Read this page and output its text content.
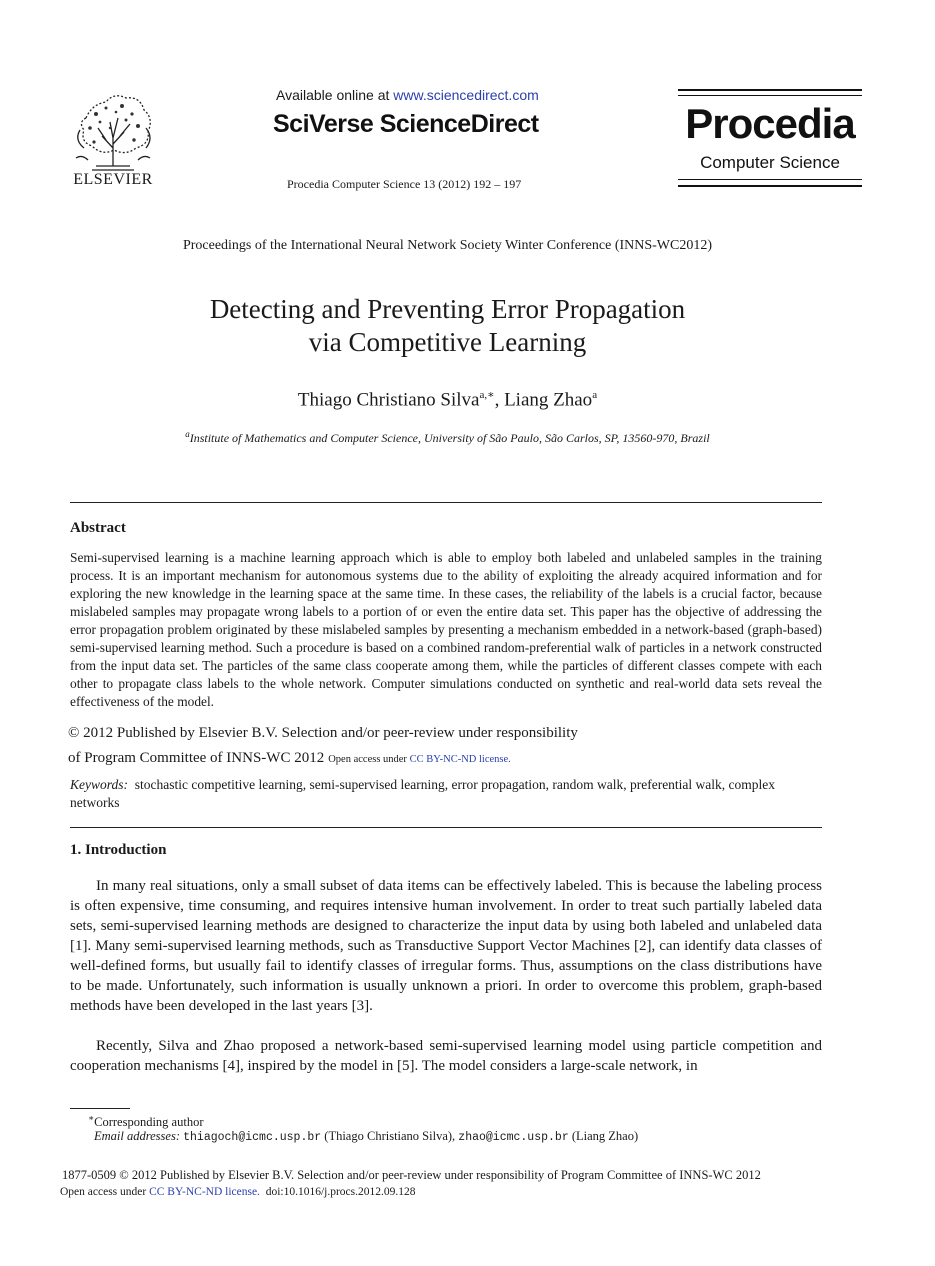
ELSEVIER
Available online at www.sciencedirect.com
SciVerse ScienceDirect
Procedia Computer Science 13 (2012) 192 – 197
Procedia
Computer Science
Proceedings of the International Neural Network Society Winter Conference (INNS-WC2012)
Detecting and Preventing Error Propagation
via Competitive Learning
Thiago Christiano Silva$^{a,∗}$, Liang Zhao$^a$
$^a$Institute of Mathematics and Computer Science, University of São Paulo, São Carlos, SP, 13560-970, Brazil
Abstract
Semi-supervised learning is a machine learning approach which is able to employ both labeled and unlabeled samples in the training process. It is an important mechanism for autonomous systems due to the ability of exploiting the already acquired information and for exploring the new knowledge in the learning space at the same time. In these cases, the reliability of the labels is a crucial factor, because mislabeled samples may propagate wrong labels to a portion of or even the entire data set. This paper has the objective of addressing the error propagation problem originated by these mislabeled samples by presenting a mechanism embedded in a network-based (graph-based) semi-supervised learning method. Such a procedure is based on a combined random-preferential walk of particles in a network constructed from the input data set. The particles of the same class cooperate among them, while the particles of different classes compete with each other to propagate class labels to the whole network. Computer simulations conducted on synthetic and real-world data sets reveal the effectiveness of the model.
© 2012 Published by Elsevier B.V. Selection and/or peer-review under responsibility
of Program Committee of INNS-WC 2012 Open access under CC BY-NC-ND license.
Keywords: stochastic competitive learning, semi-supervised learning, error propagation, random walk, preferential walk, complex networks
1. Introduction
In many real situations, only a small subset of data items can be effectively labeled. This is because the labeling process is often expensive, time consuming, and requires intensive human involvement. In order to treat such partially labeled data sets, semi-supervised learning methods are designed to characterize the input data by using both labeled and unlabeled data [1]. Many semi-supervised learning methods, such as Transductive Support Vector Machines [2], can identify data classes of well-defined forms, but usually fail to identify classes of irregular forms. Thus, assumptions on the class distributions have to be made. Unfortunately, such information is usually unknown a priori. In order to overcome this problem, graph-based methods have been developed in the last years [3].
Recently, Silva and Zhao proposed a network-based semi-supervised learning model using particle competition and cooperation mechanisms [4], inspired by the model in [5]. The model considers a large-scale network, in
∗Corresponding author
Email addresses: thiagoch@icmc.usp.br (Thiago Christiano Silva), zhao@icmc.usp.br (Liang Zhao)
1877-0509 © 2012 Published by Elsevier B.V. Selection and/or peer-review under responsibility of Program Committee of INNS-WC 2012
Open access under CC BY-NC-ND license. doi:10.1016/j.procs.2012.09.128
